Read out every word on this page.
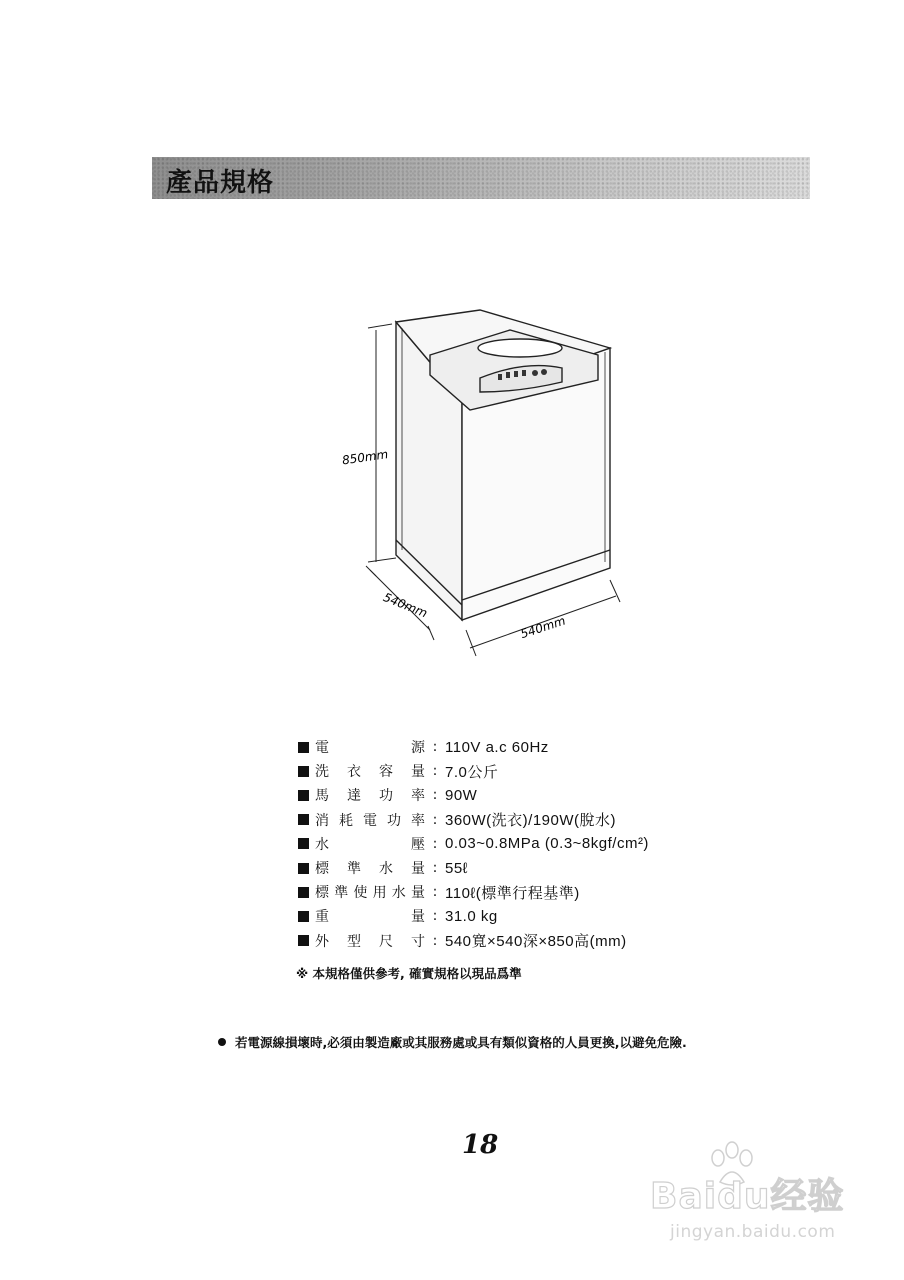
產品規格
850mm
540mm
540mm
電　　源 : 110V a.c 60Hz
洗衣容量 : 7.0公斤
馬達功率 : 90W
消耗電功率 : 360W(洗衣)/190W(脫水)
水　　壓 : 0.03~0.8MPa (0.3~8kgf/cm²)
標準水量 : 55ℓ
標準使用水量 : 110ℓ(標準行程基準)
重　　量 : 31.0 kg
外型尺寸 : 540寬×540深×850高(mm)
※ 本規格僅供參考, 確實規格以現品爲準
若電源線損壞時,必須由製造廠或其服務處或具有類似資格的人員更換,以避免危險.
18
Baidu经验
jingyan.baidu.com
